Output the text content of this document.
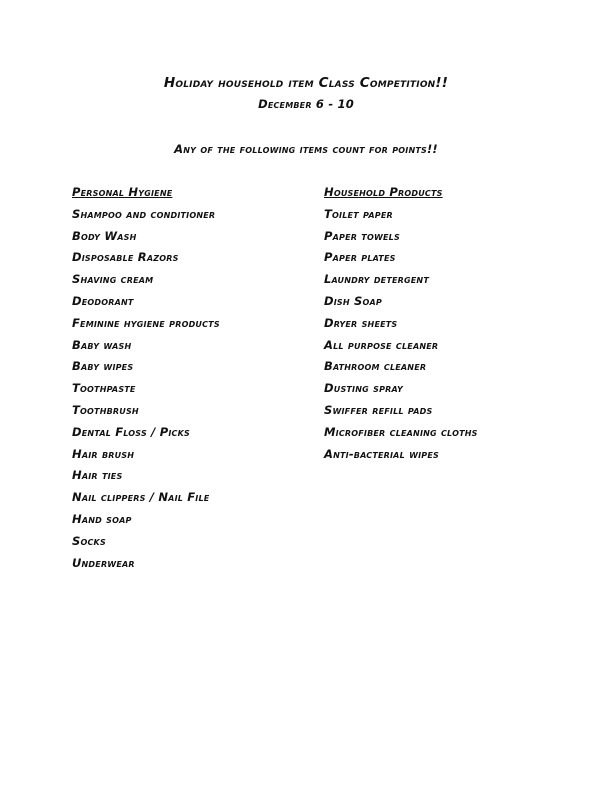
Holiday household item Class Competition!!
December 6 - 10
Any of the following items count for points!!
Personal Hygiene
Shampoo and conditioner
Body Wash
Disposable Razors
Shaving cream
Deodorant
Feminine hygiene products
Baby wash
Baby wipes
Toothpaste
Toothbrush
Dental Floss / Picks
Hair brush
Hair ties
Nail clippers / Nail File
Hand soap
Socks
Underwear
Household Products
Toilet paper
Paper towels
Paper plates
Laundry detergent
Dish Soap
Dryer sheets
All purpose cleaner
Bathroom cleaner
Dusting spray
Swiffer refill pads
Microfiber cleaning cloths
Anti-bacterial wipes
